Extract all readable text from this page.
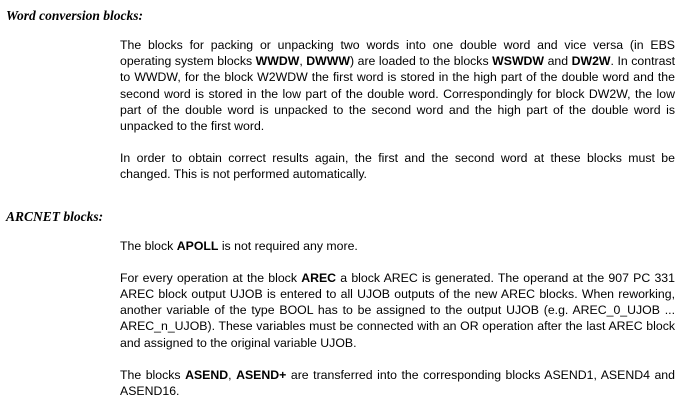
Word conversion blocks:

The blocks for packing or unpacking two words into one double word and vice versa (in EBS operating system blocks WWDW, DWWW) are loaded to the blocks WSWDW and DW2W. In contrast to WWDW, for the block W2WDW the first word is stored in the high part of the double word and the second word is stored in the low part of the double word. Correspondingly for block DW2W, the low part of the double word is unpacked to the second word and the high part of the double word is unpacked to the first word.

In order to obtain correct results again, the first and the second word at these blocks must be changed. This is not performed automatically.

ARCNET blocks:

The block APOLL is not required any more.

For every operation at the block AREC a block AREC is generated. The operand at the 907 PC 331 AREC block output UJOB is entered to all UJOB outputs of the new AREC blocks. When reworking, another variable of the type BOOL has to be assigned to the output UJOB (e.g. AREC_0_UJOB ... AREC_n_UJOB). These variables must be connected with an OR operation after the last AREC block and assigned to the original variable UJOB.

The blocks ASEND, ASEND+ are transferred into the corresponding blocks ASEND1, ASEND4 and ASEND16.
